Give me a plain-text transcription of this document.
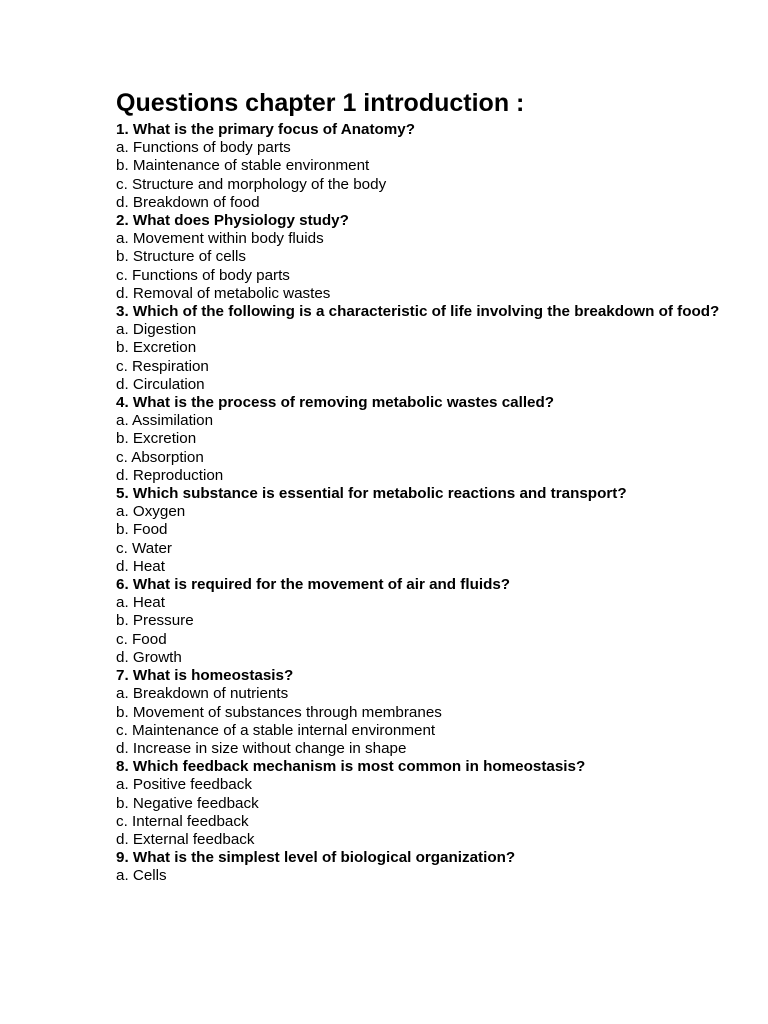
Questions chapter 1 introduction :

1. What is the primary focus of Anatomy?

a. Functions of body parts

b. Maintenance of stable environment

c. Structure and morphology of the body

d. Breakdown of food

2. What does Physiology study?

a. Movement within body fluids

b. Structure of cells

c. Functions of body parts

d. Removal of metabolic wastes

3. Which of the following is a characteristic of life involving the breakdown of food?

a. Digestion

b. Excretion

c. Respiration

d. Circulation

4. What is the process of removing metabolic wastes called?

a. Assimilation

b. Excretion

c. Absorption

d. Reproduction

5. Which substance is essential for metabolic reactions and transport?

a. Oxygen

b. Food

c. Water

d. Heat

6. What is required for the movement of air and fluids?

a. Heat

b. Pressure

c. Food

d. Growth

7. What is homeostasis?

a. Breakdown of nutrients

b. Movement of substances through membranes

c. Maintenance of a stable internal environment

d. Increase in size without change in shape

8. Which feedback mechanism is most common in homeostasis?

a. Positive feedback

b. Negative feedback

c. Internal feedback

d. External feedback

9. What is the simplest level of biological organization?

a. Cells
